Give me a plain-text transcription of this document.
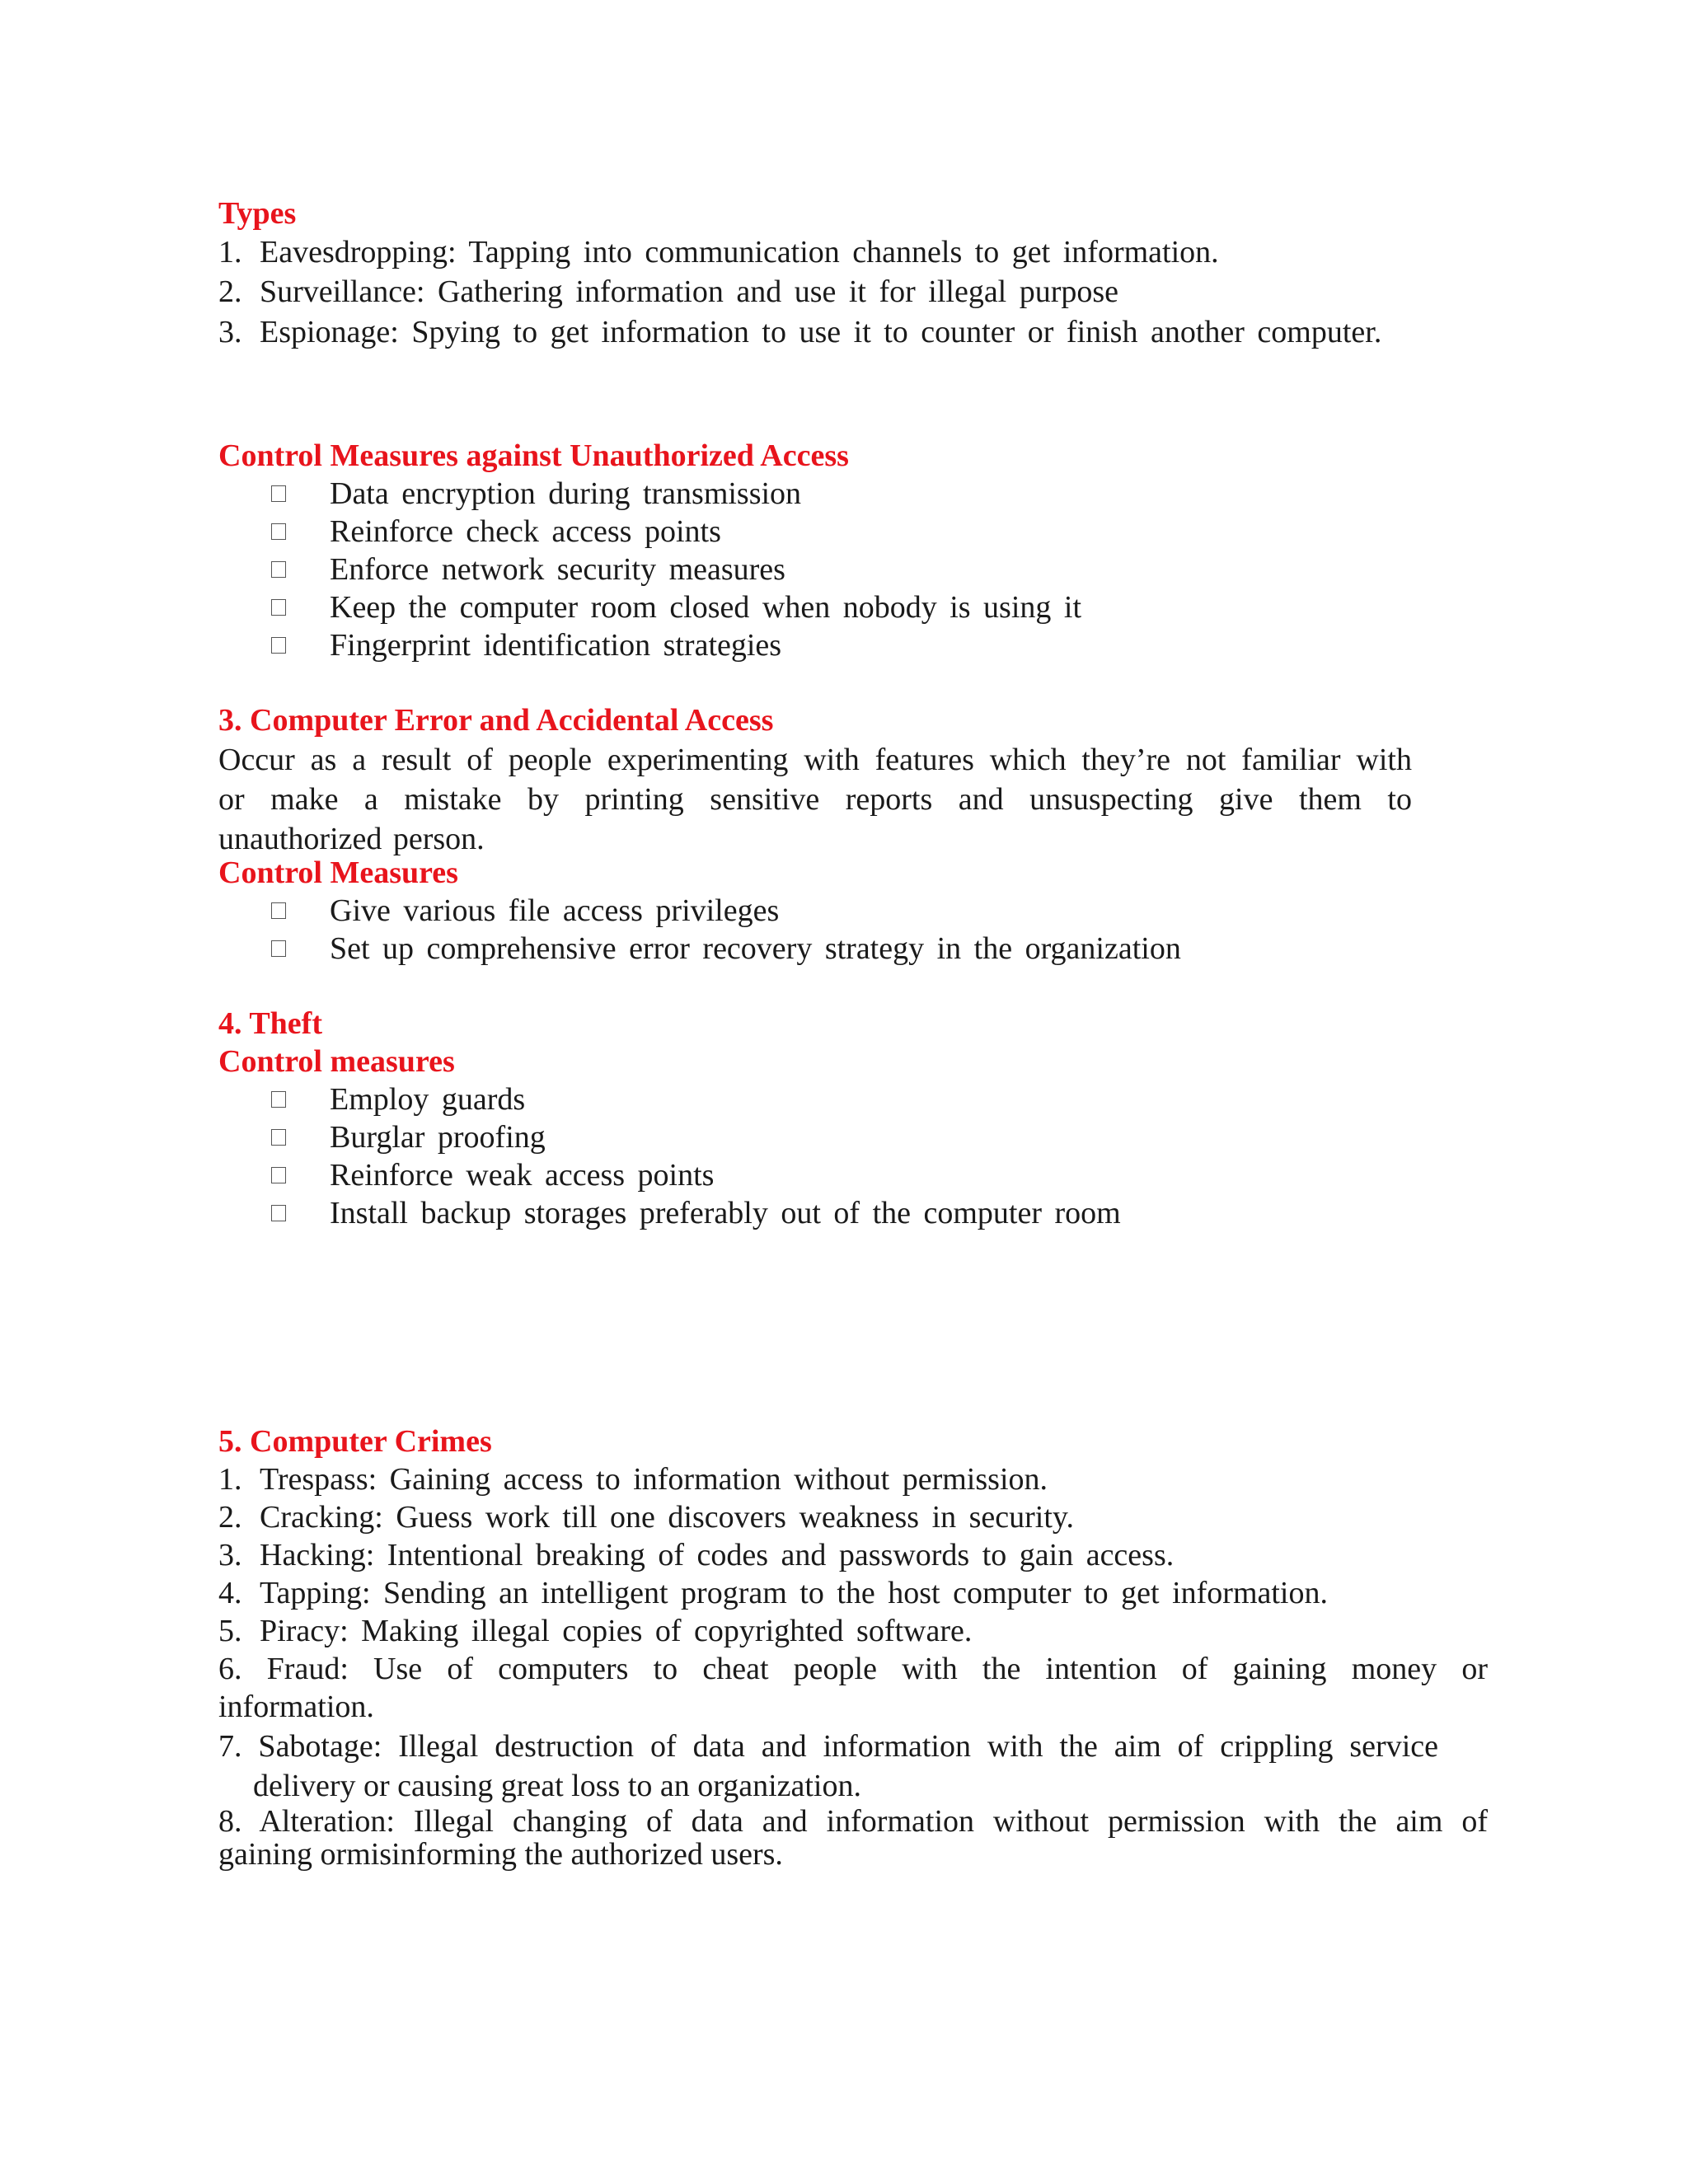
Types
1. Eavesdropping: Tapping into communication channels to get information.
2. Surveillance: Gathering information and use it for illegal purpose
3. Espionage: Spying to get information to use it to counter or finish another computer.
Control Measures against Unauthorized Access
Data encryption during transmission
Reinforce check access points
Enforce network security measures
Keep the computer room closed when nobody is using it
Fingerprint identification strategies
3. Computer Error and Accidental Access
Occur as a result of people experimenting with features which they’re not familiar with
or make a mistake by printing sensitive reports and unsuspecting give them to
unauthorized person.
Control Measures
Give various file access privileges
Set up comprehensive error recovery strategy in the organization
4. Theft
Control measures
Employ guards
Burglar proofing
Reinforce weak access points
Install backup storages preferably out of the computer room
5. Computer Crimes
1. Trespass: Gaining access to information without permission.
2. Cracking: Guess work till one discovers weakness in security.
3. Hacking: Intentional breaking of codes and passwords to gain access.
4. Tapping: Sending an intelligent program to the host computer to get information.
5. Piracy: Making illegal copies of copyrighted software.
6. Fraud: Use of computers to cheat people with the intention of gaining money or
information.
7. Sabotage: Illegal destruction of data and information with the aim of crippling service
delivery or causing great loss to an organization.
8. Alteration: Illegal changing of data and information without permission with the aim of
gaining ormisinforming the authorized users.
